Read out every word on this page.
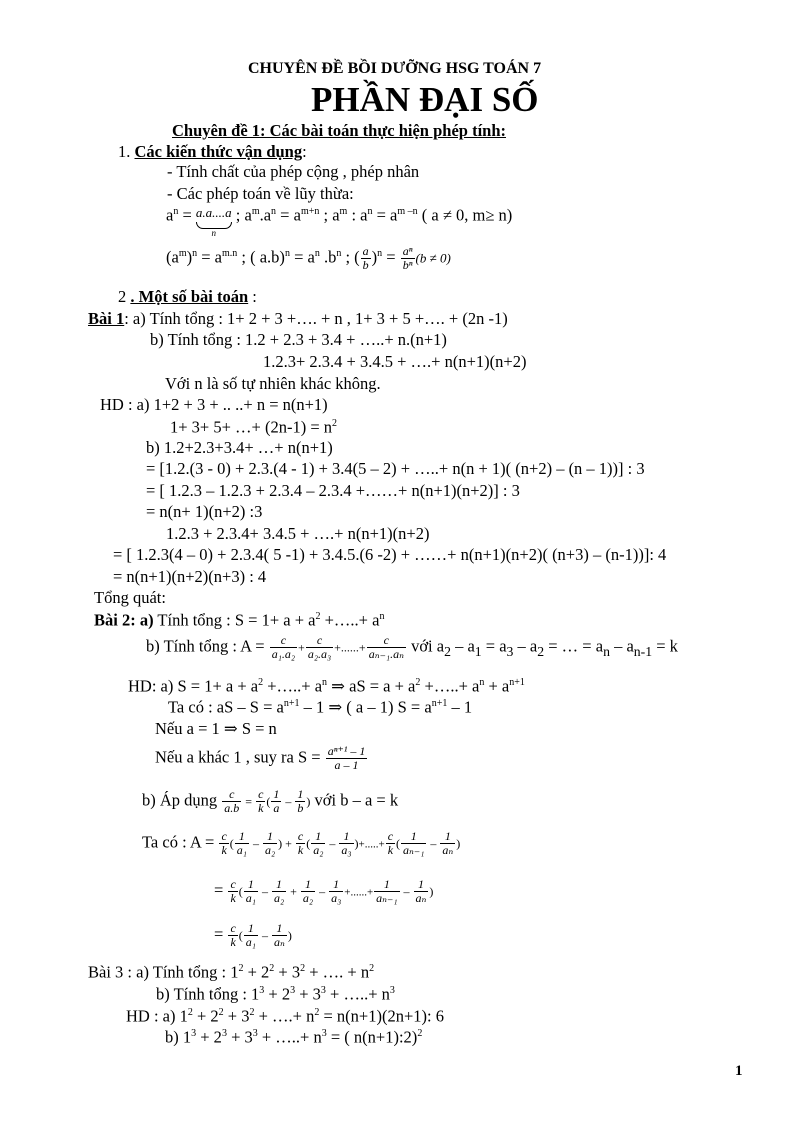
CHUYÊN ĐỀ BỒI DƯỠNG HSG TOÁN 7
PHẦN ĐẠI SỐ
Chuyên đề 1: Các bài toán thực hiện phép tính:
1. Các kiến thức vận dụng:
- Tính chất của phép cộng , phép nhân
- Các phép toán về lũy thừa:
$a^n = a.a....a$
n
; $a^m.a^n = a^{m+n}$ ; $a^m$ : $a^n = a^{m -n}$ ( a ≠ 0, m≥ n)
$(a^m)^n = a^{m.n}$ ; ( $a.b)^n = a^n$ $.b^n$ ; ( $\frac{a}{b} )^n = \frac{\text{aⁿ}}{\text{bⁿ}} (b \ne 0)$
2 . Một số bài toán :
Bài 1: a) Tính tổng : 1+ 2 + 3 +…. + n , 1+ 3 + 5 +…. + (2n -1)
b) Tính tổng : 1.2 + 2.3 + 3.4 + …..+ n.(n+1)
1.2.3+ 2.3.4 + 3.4.5 + ….+ n(n+1)(n+2)
Với n là số tự nhiên khác không.
HD : a) 1+2 + 3 + .. ..+ n = n(n+1)
1+ 3+ 5+ …+ $(2n-1) = n^2$
b) 1.2+2.3+3.4+ …+ n(n+1)
= [1.2.(3 - 0) + 2.3.(4 - 1) + 3.4(5 – 2) + …..+ n(n + 1)( (n+2) – (n – 1))] : 3
= [ 1.2.3 – 1.2.3 + 2.3.4 – 2.3.4 +……+ n(n+1)(n+2)] : 3
= n(n+ 1)(n+2) :3
1.2.3 + 2.3.4+ 3.4.5 + ….+ n(n+1)(n+2)
= [ 1.2.3(4 – 0) + 2.3.4( 5 -1) + 3.4.5.(6 -2) + ……+ n(n+1)(n+2)( (n+3) – (n-1))]: 4
= n(n+1)(n+2)(n+3) : 4
Tổng quát:
Bài 2: a) Tính tổng : $S = 1+ a + a^2$ +…..+ $a^n$
b) Tính tổng : $A = \frac{c}{\text{a₁.a₂}} + \frac{c}{\text{a₂.a₃}}$ +......+ $\frac{c}{\text{aₙ₋₁.aₙ}}$ với $a_2 - a_1 = a_3 - a_2$ = … = $a_n - a_{n-1} = k$
HD: a) $S = 1+ a + a^2$ +…..+ $a^n$ ⇒ aS = $a + a^2$ +…..+ $a^n + a^{n+1}$
Ta có : aS – $S = a^{n+1} - 1$ ⇒ ( a – 1) $S = a^{n+1} - 1$
Nếu a = 1 ⇒ S = n
Nếu a khác 1 , suy ra $S = \frac{\text{aⁿ⁺¹ – 1}}{a - 1}$
b) Áp dụng $\frac{c}{a.b} = \frac{c}{k}$ ( $\frac{1}{a} - \frac{1}{b}$ ) với b – a = k
Ta có : $A = \frac{c}{k}$ ( $\frac{1}{\text{a₁}} - \frac{1}{\text{a₂}}$ ) + $\frac{c}{k}$ ( $\frac{1}{\text{a₂}} - \frac{1}{\text{a₃}}$ )+.....+ $\frac{c}{k}$ ( $\frac{1}{\text{aₙ₋₁}} - \frac{1}{\text{aₙ}}$ )
= $\frac{c}{k}$ ( $\frac{1}{\text{a₁}} - \frac{1}{\text{a₂}} + \frac{1}{\text{a₂}} - \frac{1}{\text{a₃}}$ +......+ $\frac{1}{\text{aₙ₋₁}} - \frac{1}{\text{aₙ}}$ )
= $\frac{c}{k}$ ( $\frac{1}{\text{a₁}} - \frac{1}{\text{aₙ}}$ )
Bài 3 : a) Tính tổng : $1^2 + 2^2 + 3^2$ + …. + $n^2$
b) Tính tổng : $1^3 + 2^3 + 3^3$ + …..+ $n^3$
HD : a) $1^2 + 2^2 + 3^2$ + ….+ $n^2 = n(n+1)(2n+1)$: 6
b) $1^3 + 2^3 + 3^3$ + …..+ $n^3$ = ( n(n+1):2)$^2$
1
